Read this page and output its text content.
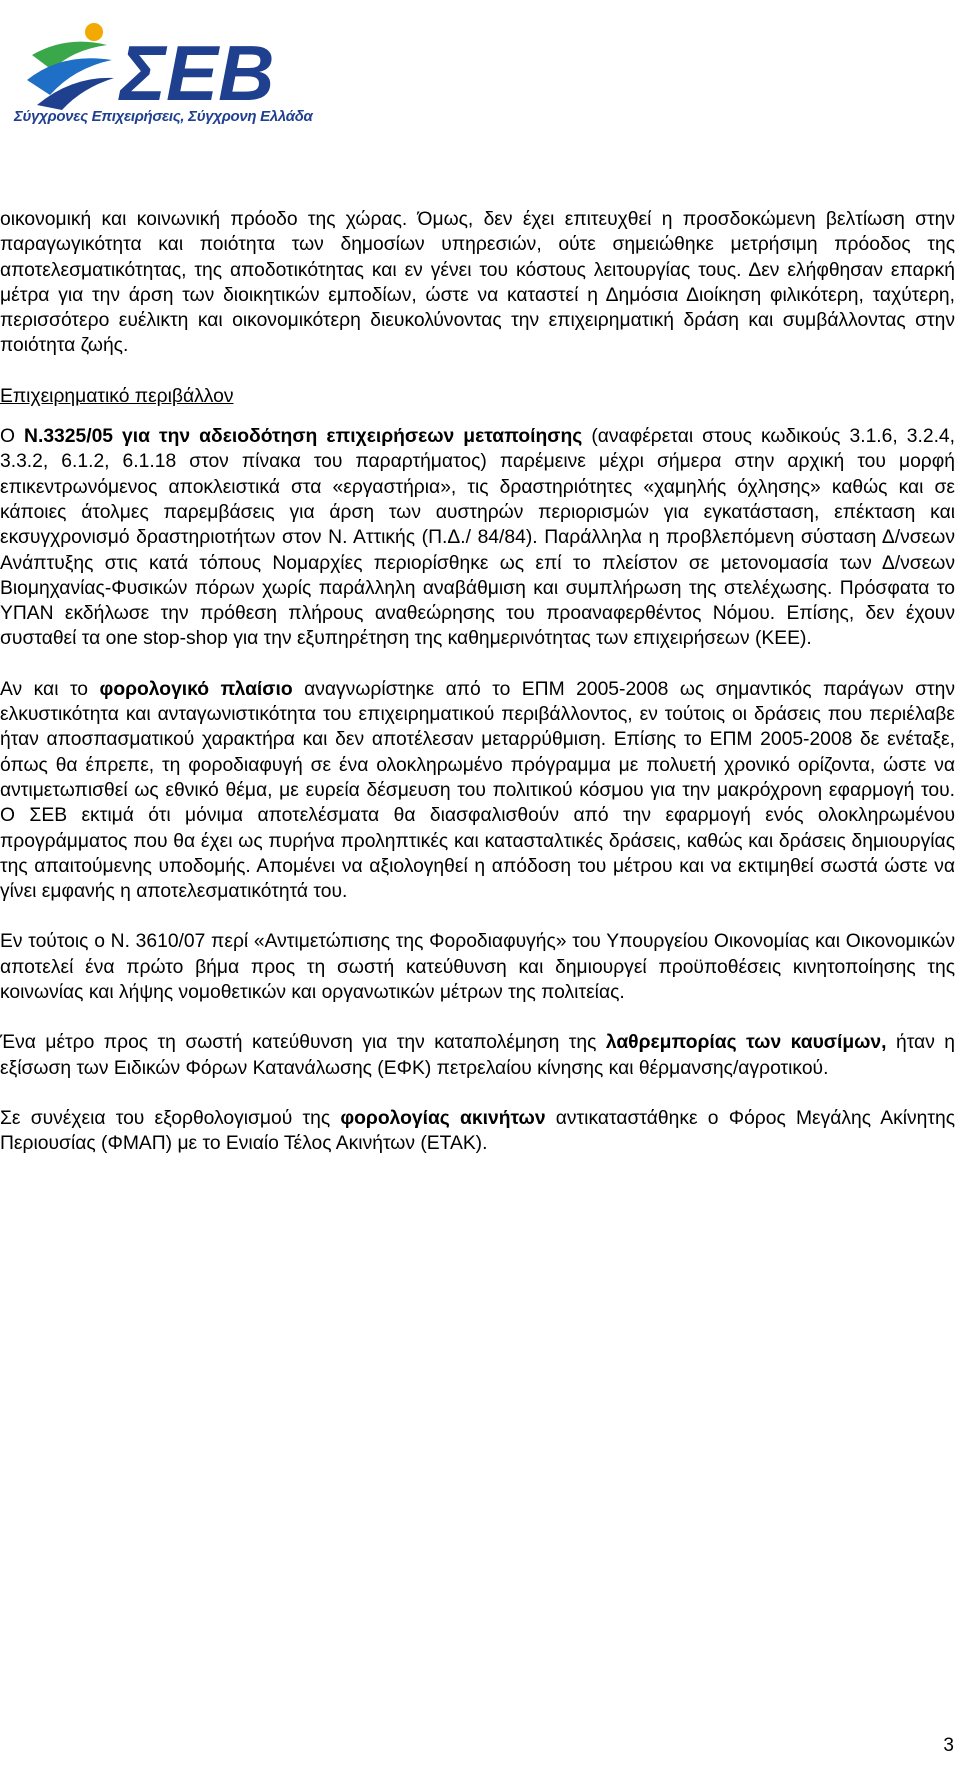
ΣΕΒ
Σύγχρονες Επιχειρήσεις, Σύγχρονη Ελλάδα

οικονομική και κοινωνική πρόοδο της χώρας. Όμως, δεν έχει επιτευχθεί η προσδοκώμενη βελτίωση στην παραγωγικότητα και ποιότητα των δημοσίων υπηρεσιών, ούτε σημειώθηκε μετρήσιμη πρόοδος της αποτελεσματικότητας, της αποδοτικότητας και εν γένει του κόστους λειτουργίας τους. Δεν ελήφθησαν επαρκή μέτρα για την άρση των διοικητικών εμποδίων, ώστε να καταστεί η Δημόσια Διοίκηση φιλικότερη, ταχύτερη, περισσότερο ευέλικτη και οικονομικότερη διευκολύνοντας την επιχειρηματική δράση και συμβάλλοντας στην ποιότητα ζωής.

Επιχειρηματικό περιβάλλον

Ο Ν.3325/05 για την αδειοδότηση επιχειρήσεων μεταποίησης (αναφέρεται στους κωδικούς 3.1.6, 3.2.4, 3.3.2, 6.1.2, 6.1.18 στον πίνακα του παραρτήματος) παρέμεινε μέχρι σήμερα στην αρχική του μορφή επικεντρωνόμενος αποκλειστικά στα «εργαστήρια», τις δραστηριότητες «χαμηλής όχλησης» καθώς και σε κάποιες άτολμες παρεμβάσεις για άρση των αυστηρών περιορισμών για εγκατάσταση, επέκταση και εκσυγχρονισμό δραστηριοτήτων στον Ν. Αττικής (Π.Δ./ 84/84). Παράλληλα η προβλεπόμενη σύσταση Δ/νσεων Ανάπτυξης στις κατά τόπους Νομαρχίες περιορίσθηκε ως επί το πλείστον σε μετονομασία των Δ/νσεων Βιομηχανίας-Φυσικών πόρων χωρίς παράλληλη αναβάθμιση και συμπλήρωση της στελέχωσης. Πρόσφατα το ΥΠΑΝ εκδήλωσε την πρόθεση πλήρους αναθεώρησης του προαναφερθέντος Νόμου. Επίσης, δεν έχουν συσταθεί τα one stop-shop για την εξυπηρέτηση της καθημερινότητας των επιχειρήσεων (ΚΕΕ).

Αν και το φορολογικό πλαίσιο αναγνωρίστηκε από το ΕΠΜ 2005-2008 ως σημαντικός παράγων στην ελκυστικότητα και ανταγωνιστικότητα του επιχειρηματικού περιβάλλοντος, εν τούτοις οι δράσεις που περιέλαβε ήταν αποσπασματικού χαρακτήρα και δεν αποτέλεσαν μεταρρύθμιση. Επίσης το ΕΠΜ 2005-2008 δε ενέταξε, όπως θα έπρεπε, τη φοροδιαφυγή σε ένα ολοκληρωμένο πρόγραμμα με πολυετή χρονικό ορίζοντα, ώστε να αντιμετωπισθεί ως εθνικό θέμα, με ευρεία δέσμευση του πολιτικού κόσμου για την μακρόχρονη εφαρμογή του. Ο ΣΕΒ εκτιμά ότι μόνιμα αποτελέσματα θα διασφαλισθούν από την εφαρμογή ενός ολοκληρωμένου προγράμματος που θα έχει ως πυρήνα προληπτικές και κατασταλτικές δράσεις, καθώς και δράσεις δημιουργίας της απαιτούμενης υποδομής. Απομένει να αξιολογηθεί η απόδοση του μέτρου και να εκτιμηθεί σωστά ώστε να γίνει εμφανής η αποτελεσματικότητά του.

Εν τούτοις ο Ν. 3610/07 περί «Αντιμετώπισης της Φοροδιαφυγής» του Υπουργείου Οικονομίας και Οικονομικών αποτελεί ένα πρώτο βήμα προς τη σωστή κατεύθυνση και δημιουργεί προϋποθέσεις κινητοποίησης της κοινωνίας και λήψης νομοθετικών και οργανωτικών μέτρων της πολιτείας.

Ένα μέτρο προς τη σωστή κατεύθυνση για την καταπολέμηση της λαθρεμπορίας των καυσίμων, ήταν η εξίσωση των Ειδικών Φόρων Κατανάλωσης (ΕΦΚ) πετρελαίου κίνησης και θέρμανσης/αγροτικού.

Σε συνέχεια του εξορθολογισμού της φορολογίας ακινήτων αντικαταστάθηκε ο Φόρος Μεγάλης Ακίνητης Περιουσίας (ΦΜΑΠ) με το Ενιαίο Τέλος Ακινήτων (ΕΤΑΚ).

3
